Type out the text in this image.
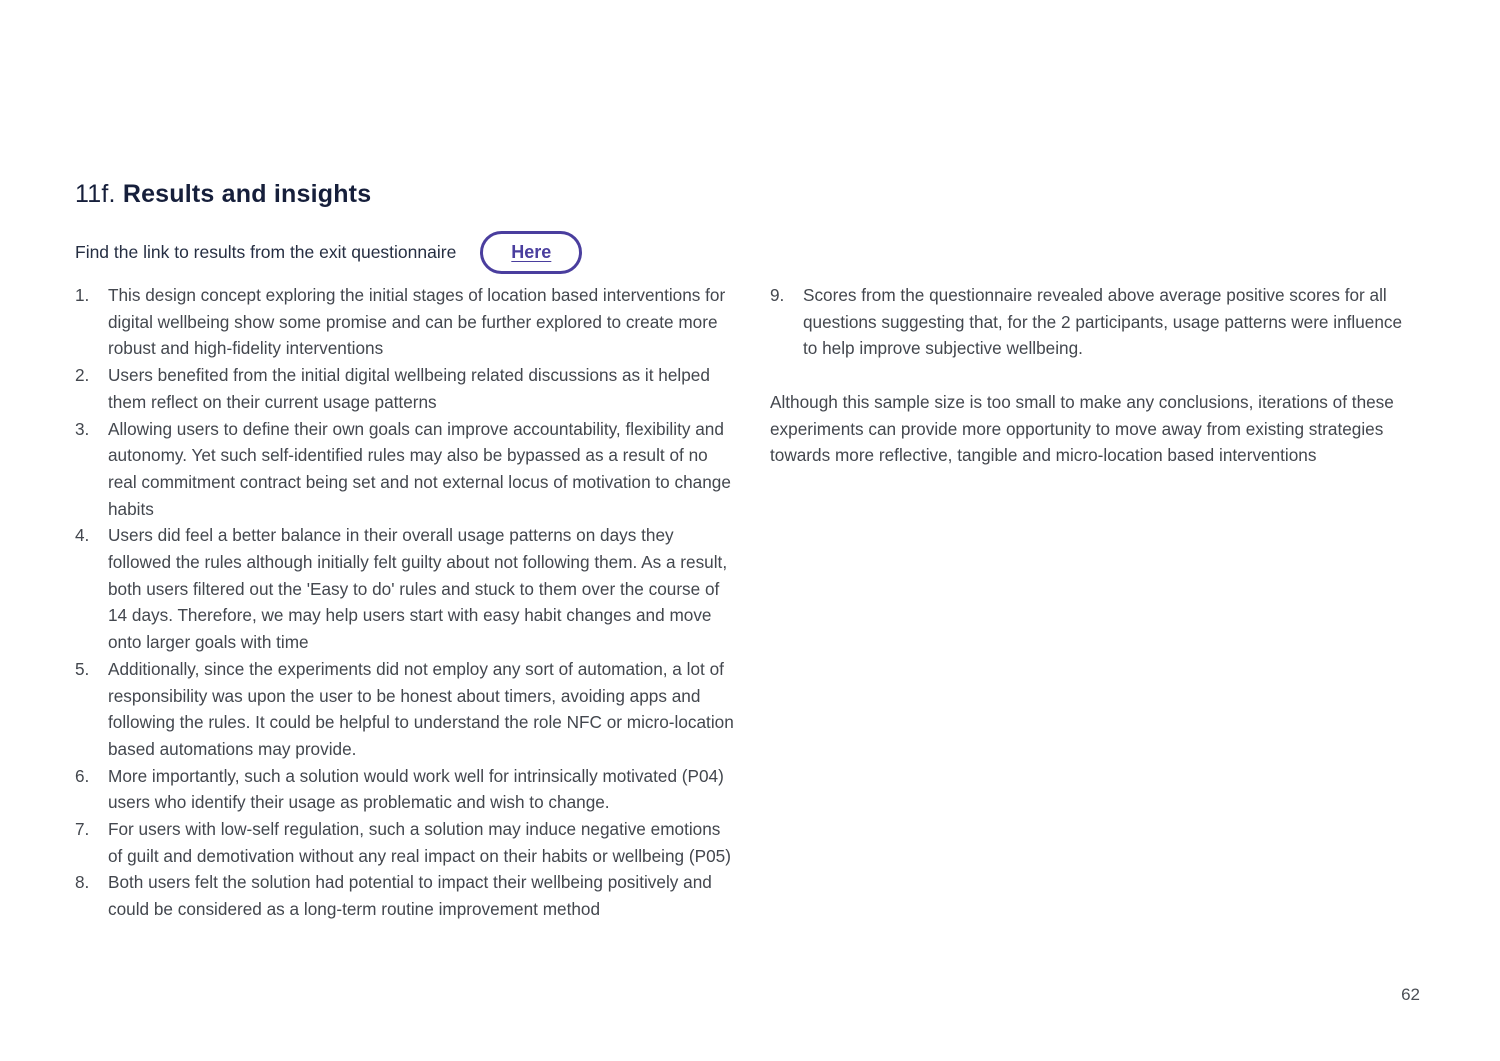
11f. Results and insights
Find the link to results from the exit questionnaire	Here
1.	This design concept exploring the initial stages of location based interventions for digital wellbeing show some promise and can be further explored to create more robust and high-fidelity interventions
2.	Users benefited from the initial digital wellbeing related discussions as it helped them reflect on their current usage patterns
3.	Allowing users to define their own goals can improve accountability, flexibility and autonomy. Yet such self-identified rules may also be bypassed as a result of no real commitment contract being set and not external locus of motivation to change habits
4.	Users did feel a better balance in their overall usage patterns on days they followed the rules although initially felt guilty about not following them. As a result, both users filtered out the 'Easy to do' rules and stuck to them over the course of 14 days. Therefore, we may help users start with easy habit changes and move onto larger goals with time
5.	Additionally, since the experiments did not employ any sort of automation, a lot of responsibility was upon the user to be honest about timers, avoiding apps and following the rules. It could be helpful to understand the role NFC or micro-location based automations may provide.
6.	More importantly, such a solution would work well for intrinsically motivated (P04) users who identify their usage as problematic and wish to change.
7.	For users with low-self regulation, such a solution may induce negative emotions of guilt and demotivation without any real impact on their habits or wellbeing (P05)
8.	Both users felt the solution had potential to impact their wellbeing positively and could be considered as a long-term routine improvement method
9.	Scores from the questionnaire revealed above average positive scores for all questions suggesting that, for the 2 participants, usage patterns were influence to help improve subjective wellbeing.

Although this sample size is too small to make any conclusions, iterations of these experiments can provide more opportunity to move away from existing strategies towards more reflective, tangible and micro-location based interventions

62
